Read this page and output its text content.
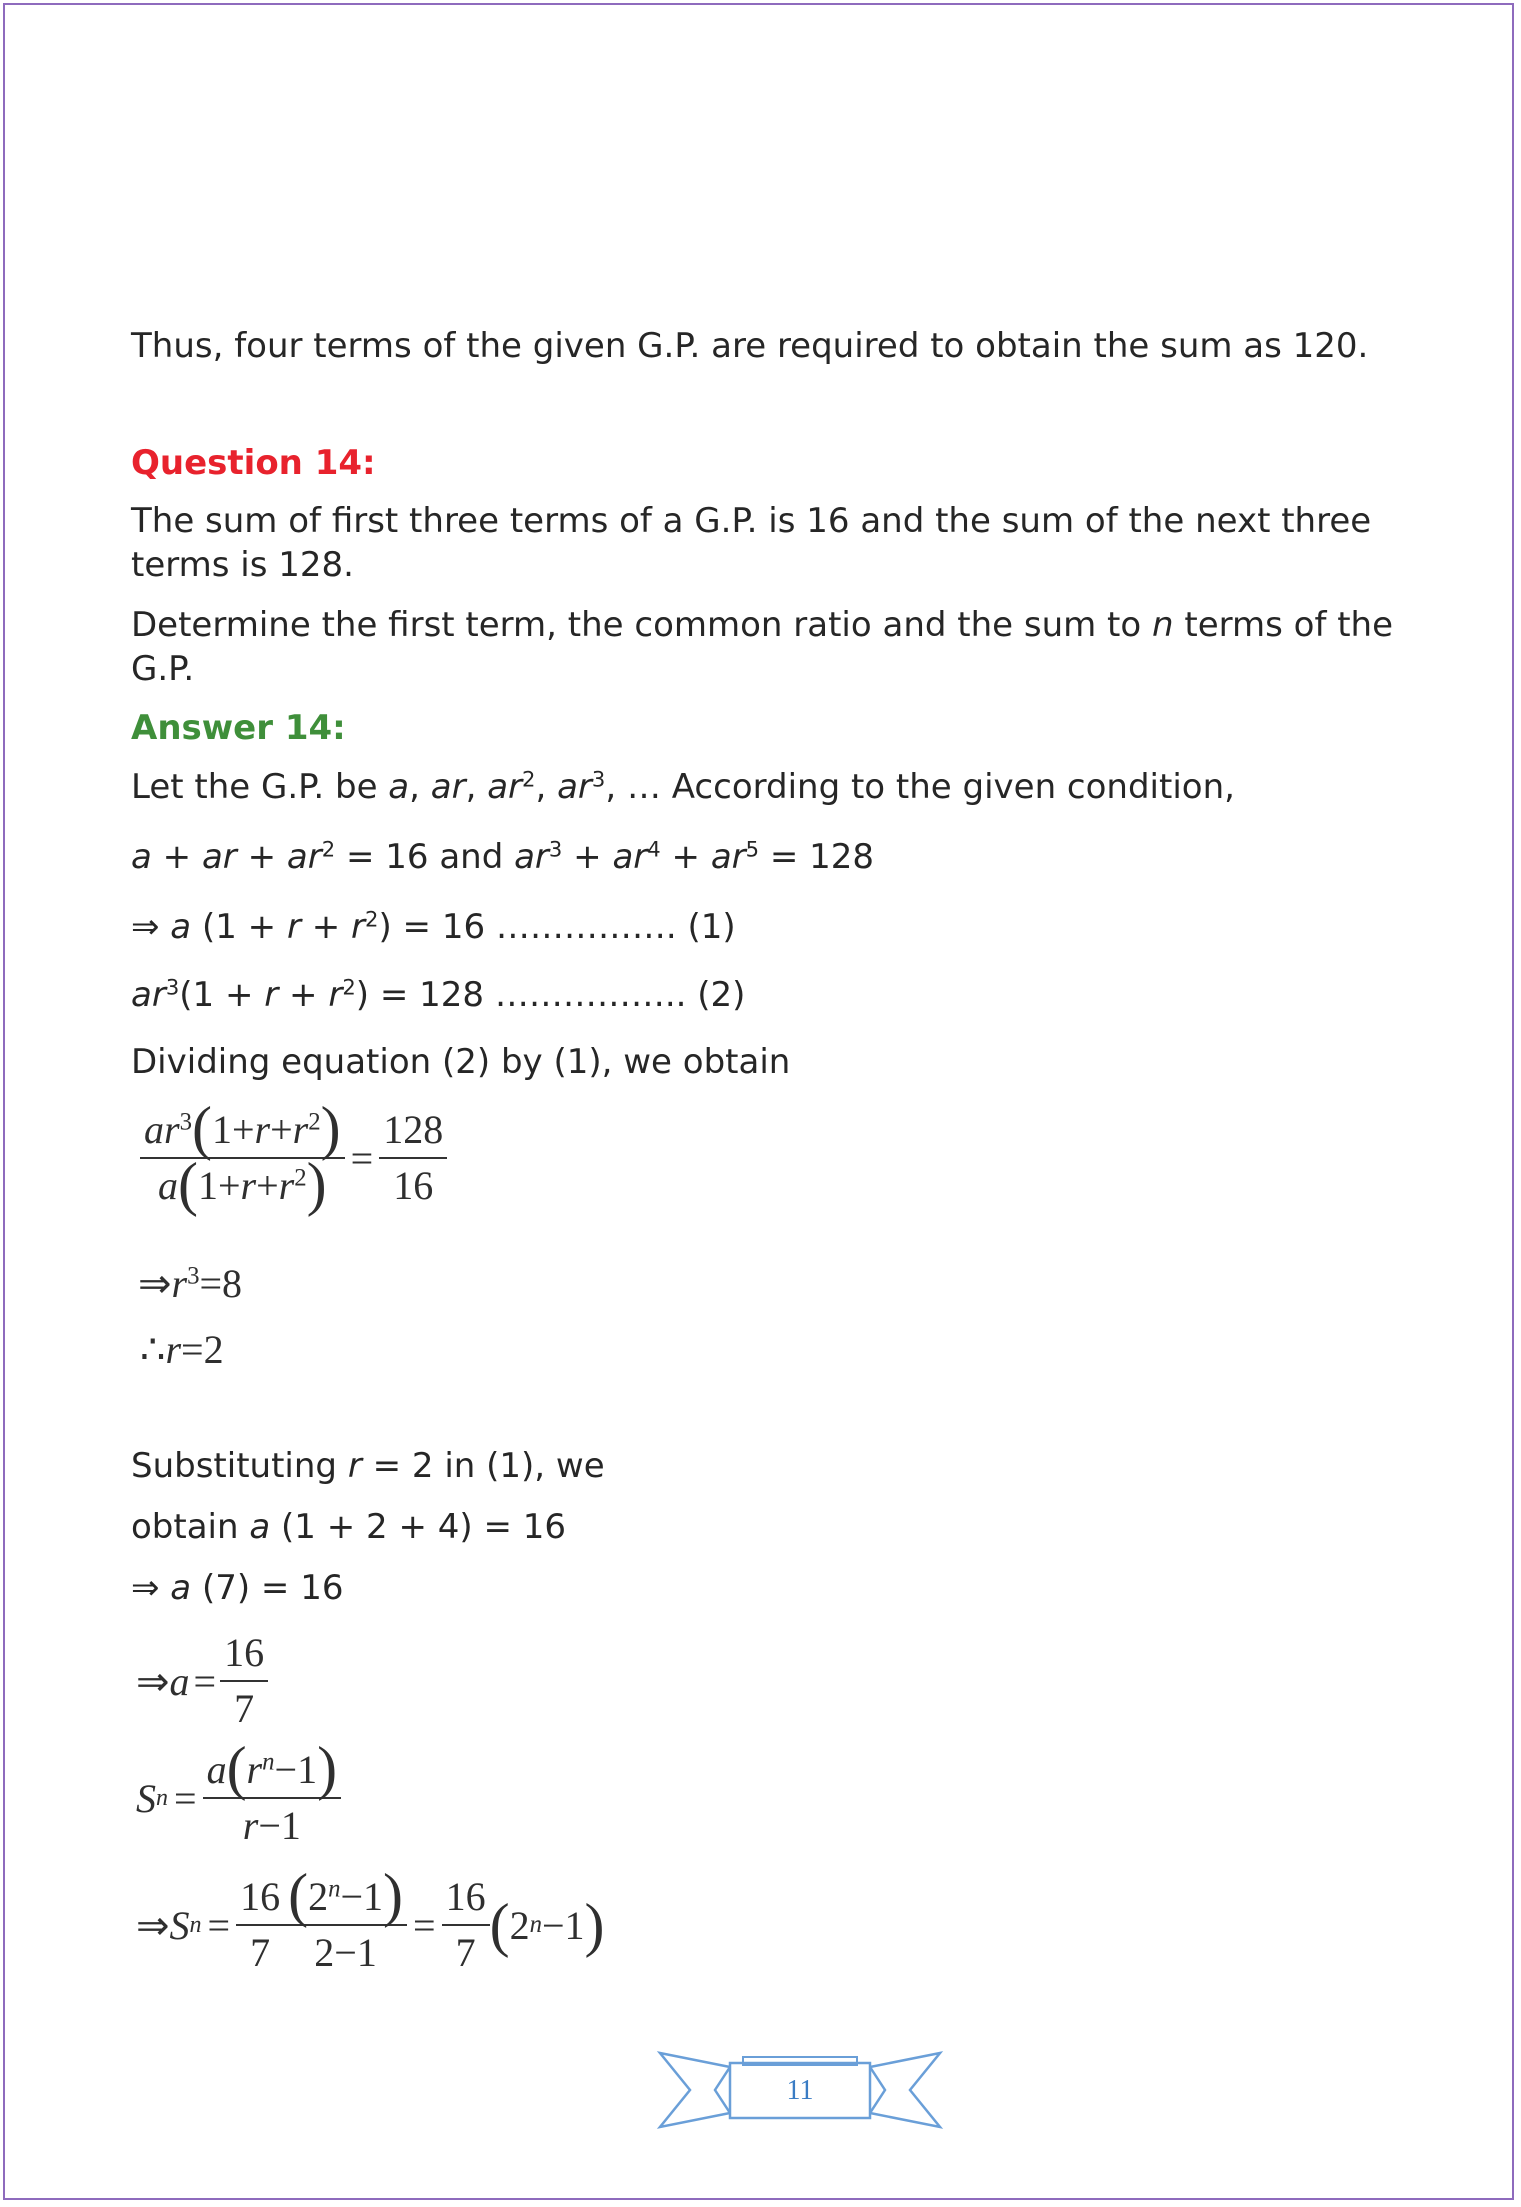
Thus, four terms of the given G.P. are required to obtain the sum as 120.
Question 14:
The sum of first three terms of a G.P. is 16 and the sum of the next three
terms is 128.
Determine the first term, the common ratio and the sum to n terms of the
G.P.
Answer 14:
Let the G.P. be a, ar, $ar^2$, $ar^3$, … According to the given condition,
a + ar + $ar^2 = 16$ and $ar^3 + ar^4 + ar^5 = 128$
⇒ a $(1 + r + r^2) = 16$ ……………. (1)
$ar^3(1 + r + r^2) = 128$ …………….. (2)
Dividing equation (2) by (1), we obtain
$\frac{ar^3(1+r+r^2)}{a(1+r+r^2)} = \frac{128}{16}$
$\Rightarrow r^3=8$
∴r=2
Substituting r = 2 in (1), we
obtain a (1 + 2 + 4) = 16
⇒ a (7) = 16
⇒ $a = \frac{16}{7}$
S $n = \frac{a(r^n-1)}{r-1}$
⇒ S $n = \frac{16}{7} \frac{(2^n-1)}{2-1} = \frac{16}{7}$ ( 2 n −1 )
11
